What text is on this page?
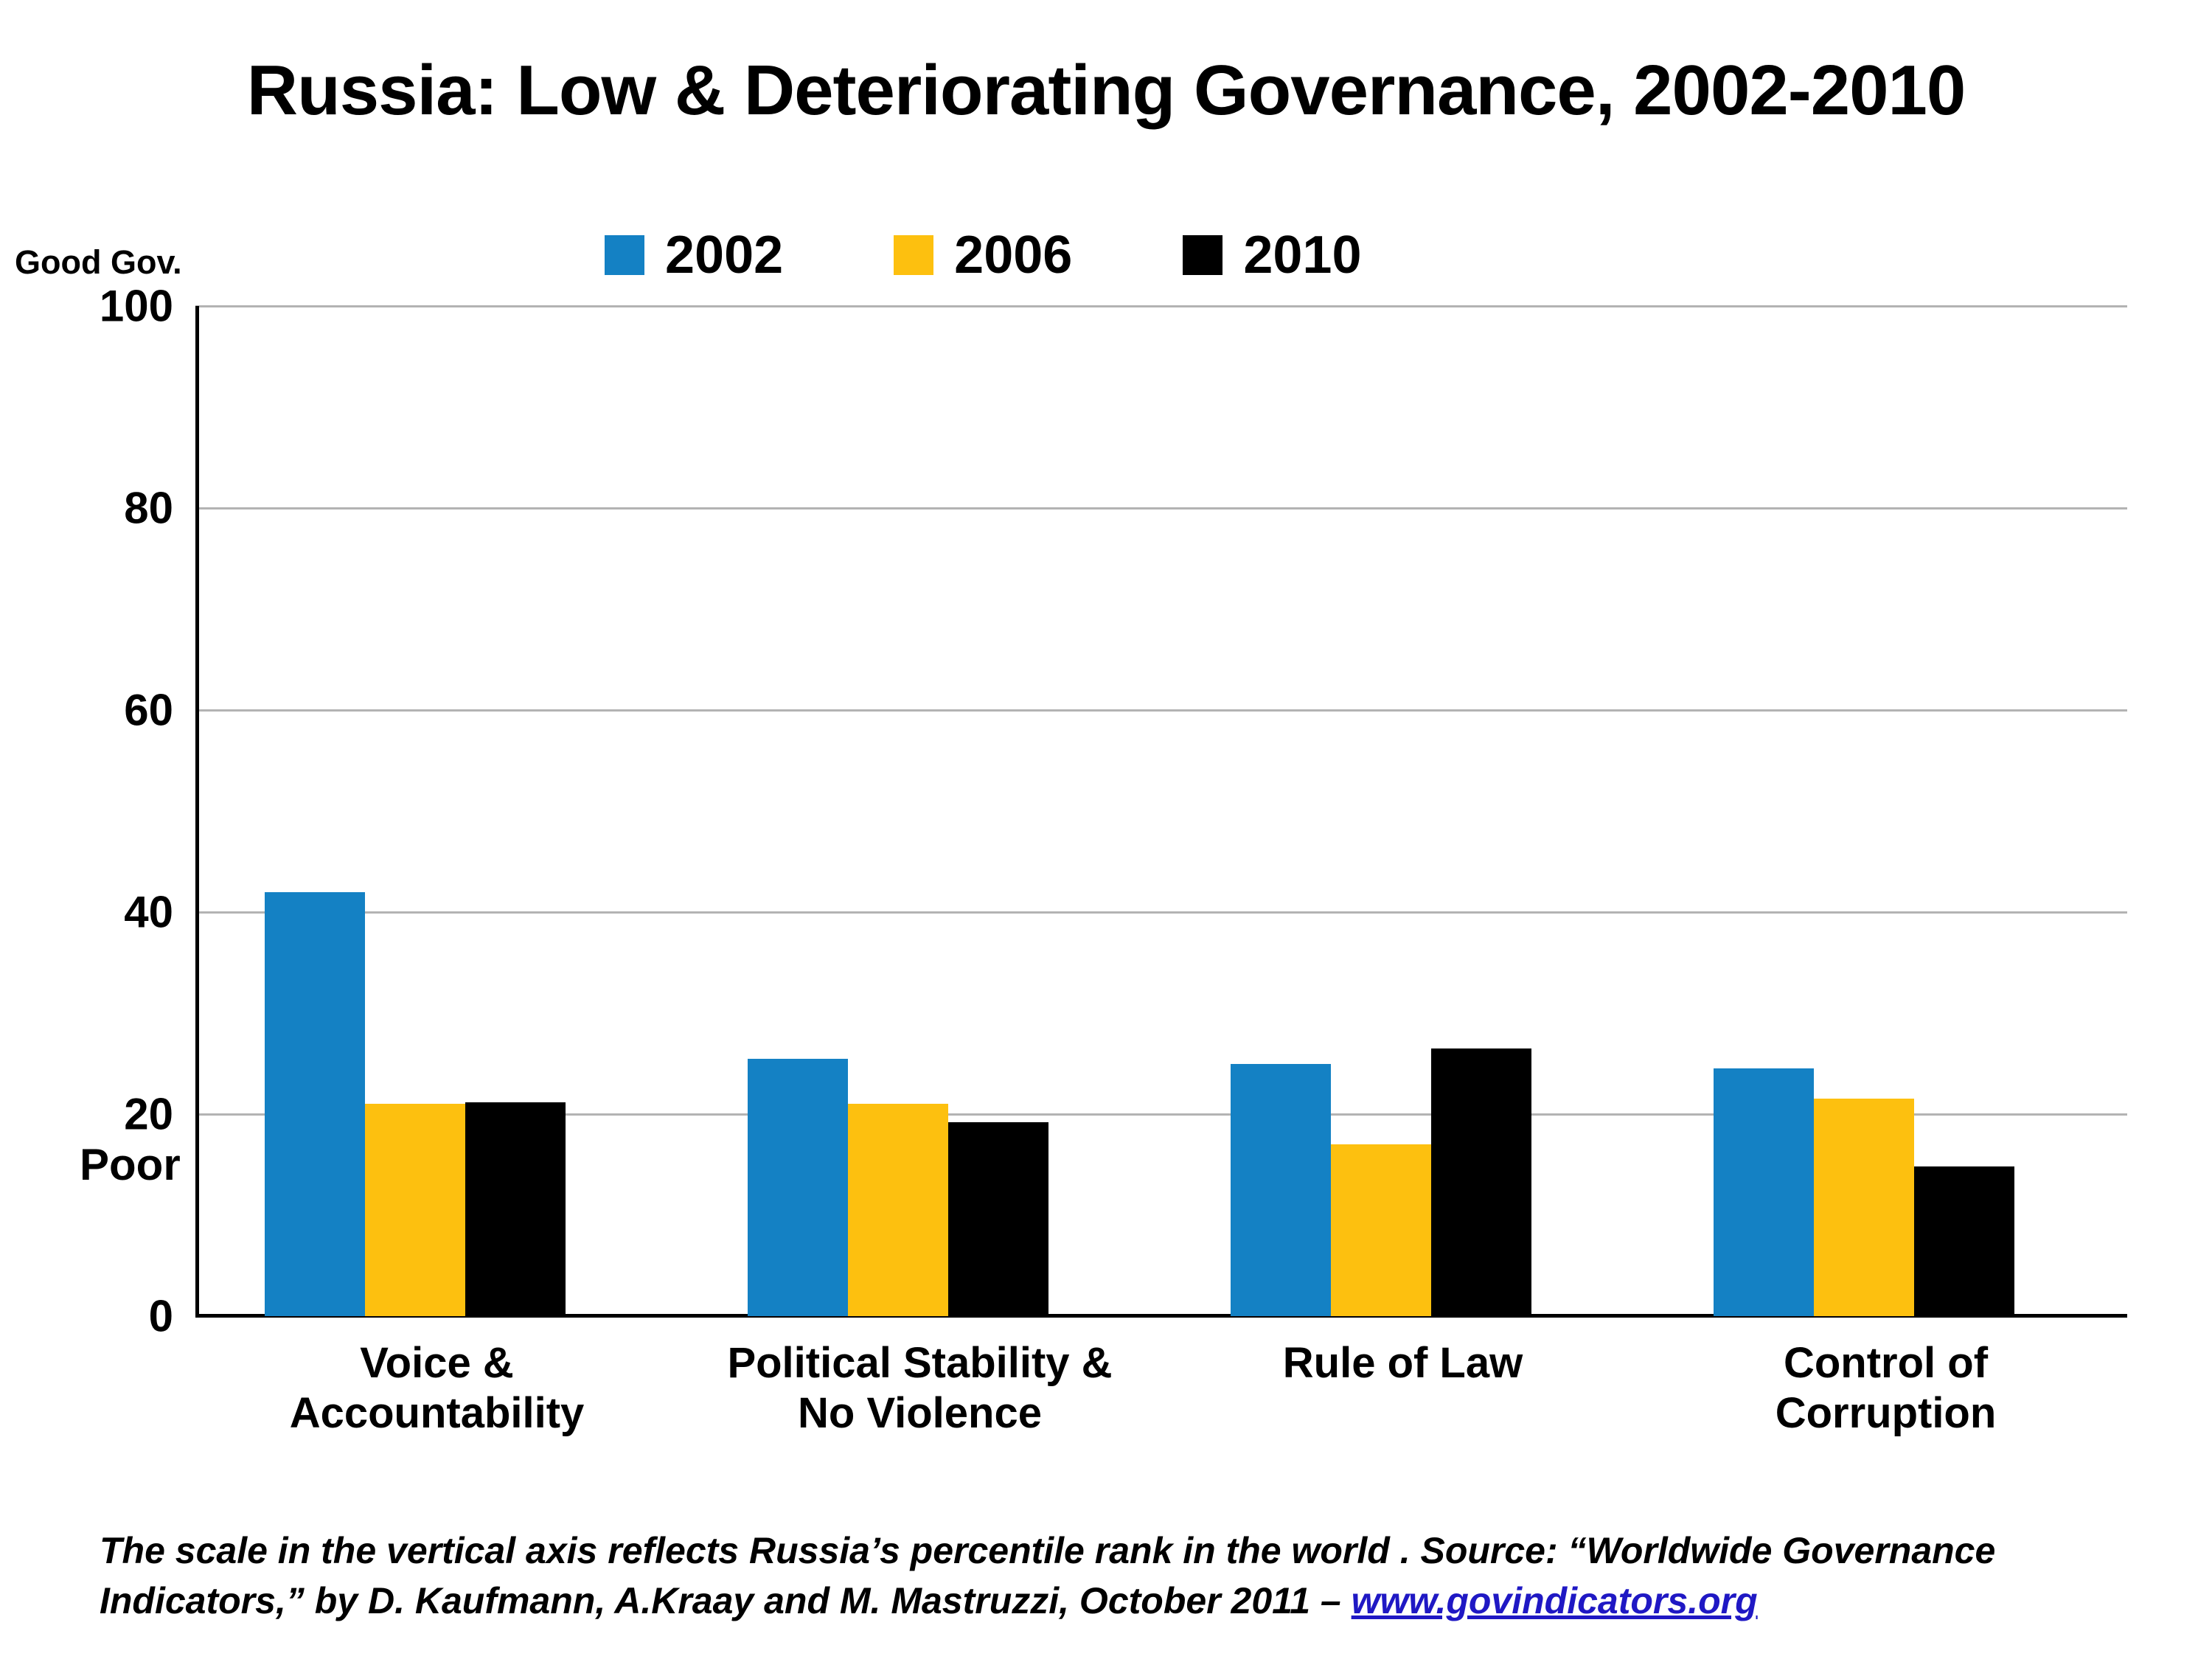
Russia: Low & Deteriorating Governance, 2002-2010
2002	2006	2010
Good Gov.
Poor
0
20
40
60
80
100
Voice &
Accountability
Political Stability &
No Violence
Rule of Law	Control of
Corruption
The scale in the vertical axis reflects Russia’s percentile rank in the world . Source: “Worldwide Governance
Indicators,” by D. Kaufmann, A.Kraay and M. Mastruzzi, October 2011 – www.govindicators.org
